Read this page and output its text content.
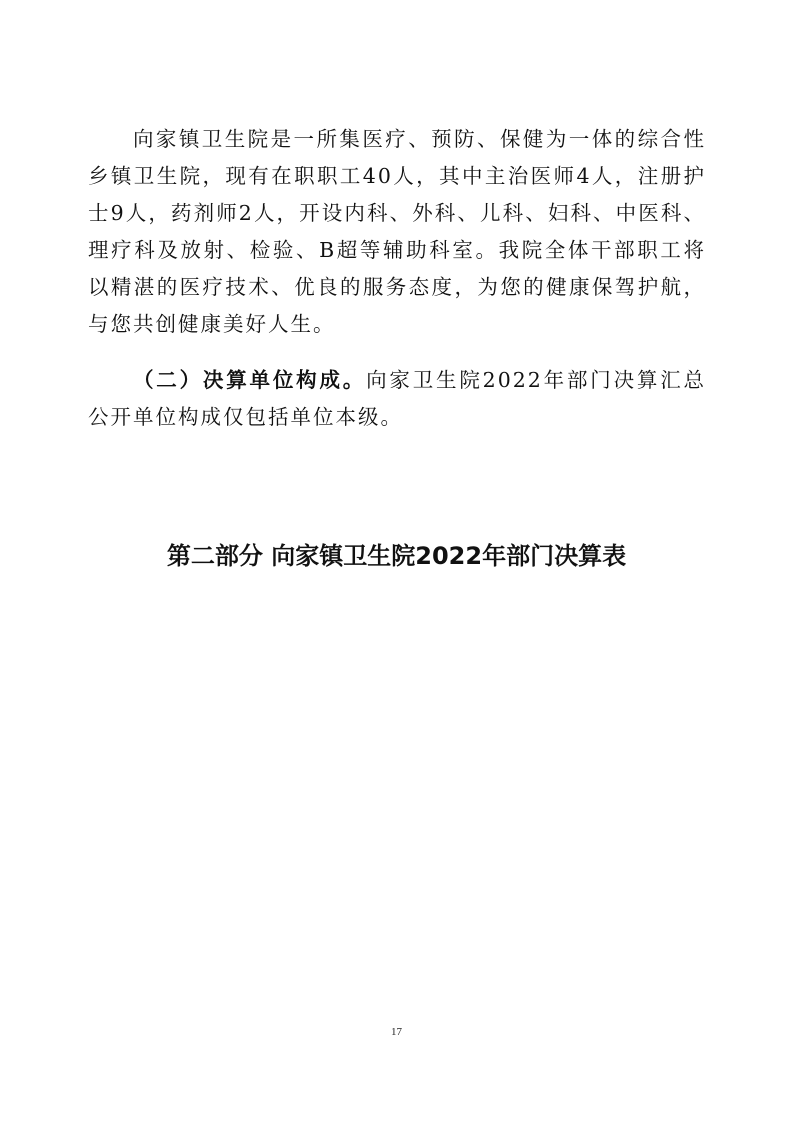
向家镇卫生院是一所集医疗、预防、保健为一体的综合性乡镇卫生院，现有在职职工40人，其中主治医师4人，注册护士9人，药剂师2人，开设内科、外科、儿科、妇科、中医科、理疗科及放射、检验、B超等辅助科室。我院全体干部职工将以精湛的医疗技术、优良的服务态度，为您的健康保驾护航，与您共创健康美好人生。

（二）决算单位构成。向家卫生院2022年部门决算汇总公开单位构成仅包括单位本级。

第二部分 向家镇卫生院2022年部门决算表
17
